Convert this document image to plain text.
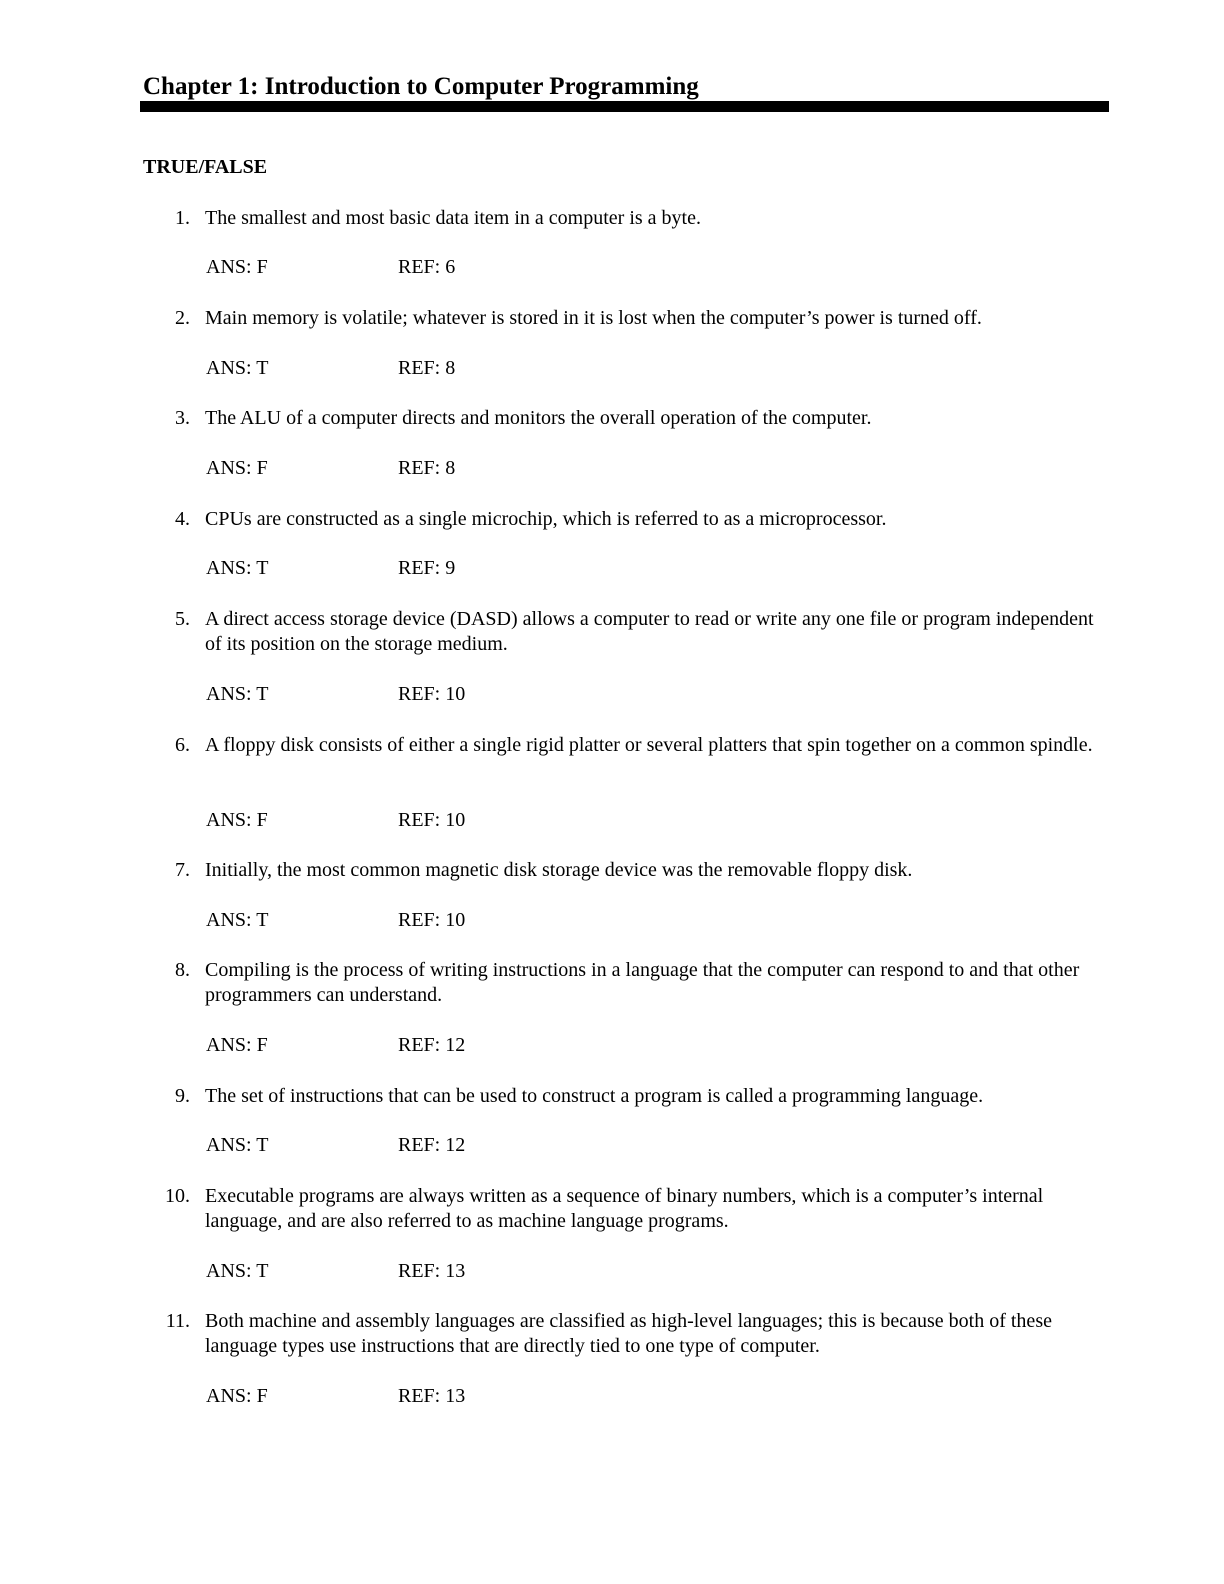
Chapter 1: Introduction to Computer Programming
TRUE/FALSE
1. The smallest and most basic data item in a computer is a byte.

ANS: F	REF: 6
2. Main memory is volatile; whatever is stored in it is lost when the computer’s power is turned off.

ANS: T	REF: 8
3. The ALU of a computer directs and monitors the overall operation of the computer.

ANS: F	REF: 8
4. CPUs are constructed as a single microchip, which is referred to as a microprocessor.

ANS: T	REF: 9
5. A direct access storage device (DASD) allows a computer to read or write any one file or program independent of its position on the storage medium.

ANS: T	REF: 10
6. A floppy disk consists of either a single rigid platter or several platters that spin together on a common spindle.

ANS: F	REF: 10
7. Initially, the most common magnetic disk storage device was the removable floppy disk.

ANS: T	REF: 10
8. Compiling is the process of writing instructions in a language that the computer can respond to and that other programmers can understand.

ANS: F	REF: 12
9. The set of instructions that can be used to construct a program is called a programming language.

ANS: T	REF: 12
10. Executable programs are always written as a sequence of binary numbers, which is a computer’s internal language, and are also referred to as machine language programs.

ANS: T	REF: 13
11. Both machine and assembly languages are classified as high-level languages; this is because both of these language types use instructions that are directly tied to one type of computer.

ANS: F	REF: 13
